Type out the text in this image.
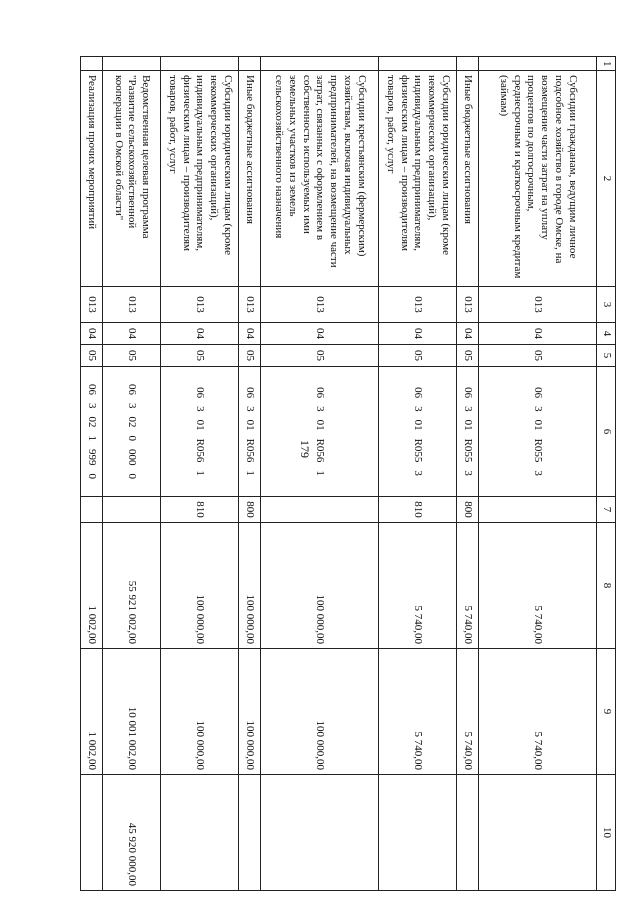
179
1	2	3	4	5	6	7	8	9	10
	Субсидии гражданам, ведущим личное подсобное хозяйство в городе Омске, на возмещение части затрат на уплату процентов по долгосрочным, среднесрочным и краткосрочным кредитам (займам)	013	04	05	06301R0553		5 740,00	5 740,00	
	Иные бюджетные ассигнования	013	04	05	06301R0553	800	5 740,00	5 740,00	
	Субсидии юридическим лицам (кроме некоммерческих организаций), индивидуальным предпринимателям, физическим лицам – производителям товаров, работ, услуг	013	04	05	06301R0553	810	5 740,00	5 740,00	
	Субсидии крестьянским (фермерским) хозяйствам, включая индивидуальных предпринимателей, на возмещение части затрат, связанных с оформлением в собственность используемых ими земельных участков из земель сельскохозяйственного назначения	013	04	05	06301R0561		100 000,00	100 000,00	
	Иные бюджетные ассигнования	013	04	05	06301R0561	800	100 000,00	100 000,00	
	Субсидии юридическим лицам (кроме некоммерческих организаций), индивидуальным предпринимателям, физическим лицам – производителям товаров, работ, услуг	013	04	05	06301R0561	810	100 000,00	100 000,00	
	Ведомственная целевая программа "Развитие сельскохозяйственной кооперации в Омской области"	013	04	05	0630200000		55 921 002,00	10 001 002,00	45 920 000,00
	Реализация прочих мероприятий	013	04	05	0630219990		1 002,00	1 002,00	
